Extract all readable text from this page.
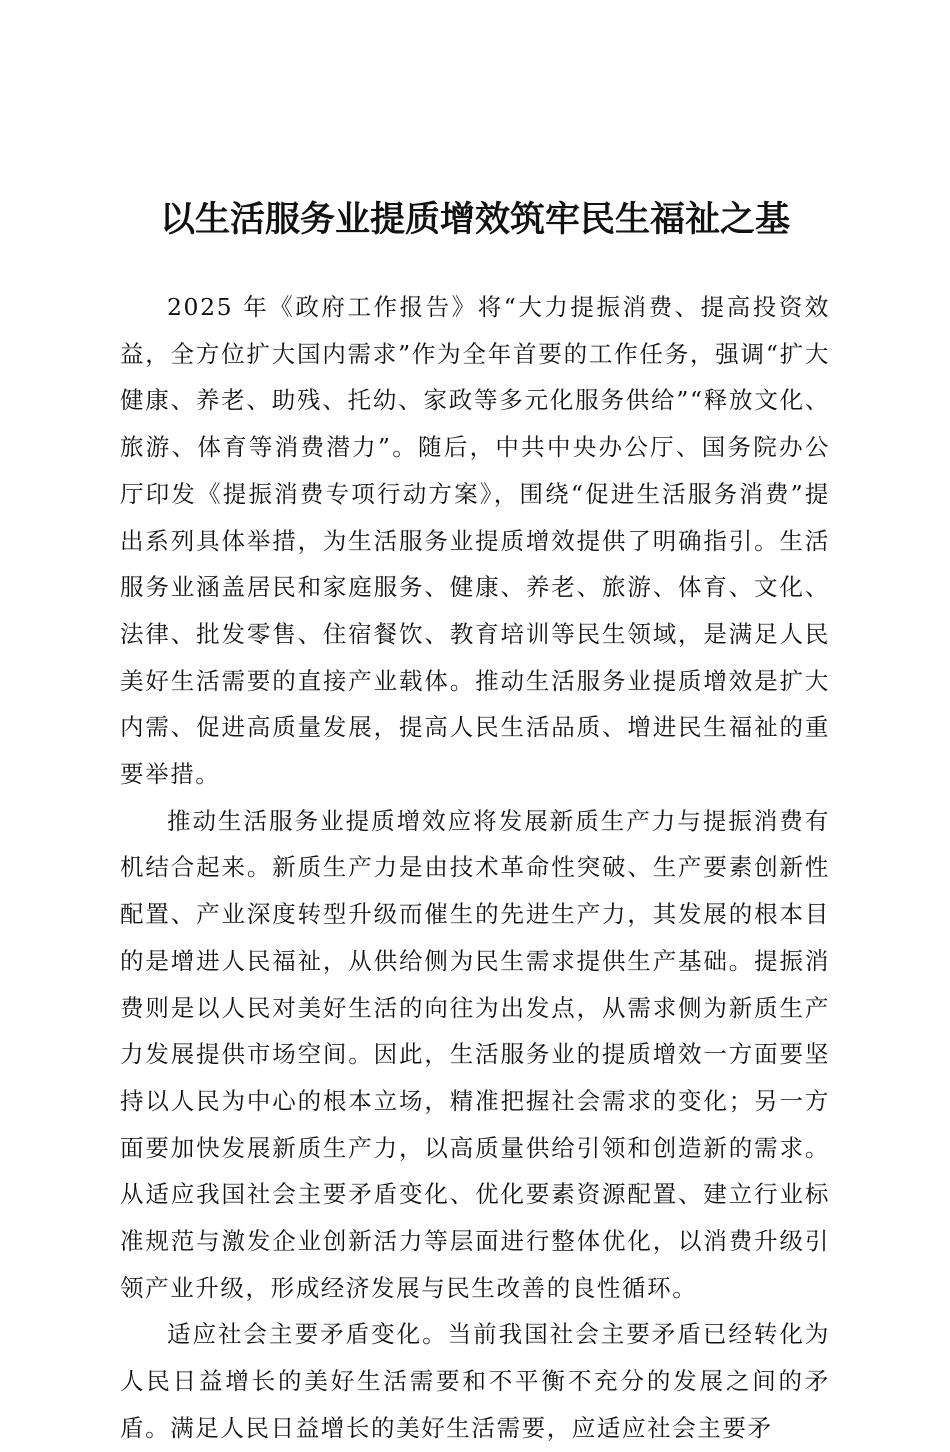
以生活服务业提质增效筑牢民生福祉之基

2025 年《政府工作报告》将“大力提振消费、提高投资效益，全方位扩大国内需求”作为全年首要的工作任务，强调“扩大健康、养老、助残、托幼、家政等多元化服务供给”“释放文化、旅游、体育等消费潜力”。随后，中共中央办公厅、国务院办公厅印发《提振消费专项行动方案》，围绕“促进生活服务消费”提出系列具体举措，为生活服务业提质增效提供了明确指引。生活服务业涵盖居民和家庭服务、健康、养老、旅游、体育、文化、法律、批发零售、住宿餐饮、教育培训等民生领域，是满足人民美好生活需要的直接产业载体。推动生活服务业提质增效是扩大内需、促进高质量发展，提高人民生活品质、增进民生福祉的重要举措。

推动生活服务业提质增效应将发展新质生产力与提振消费有机结合起来。新质生产力是由技术革命性突破、生产要素创新性配置、产业深度转型升级而催生的先进生产力，其发展的根本目的是增进人民福祉，从供给侧为民生需求提供生产基础。提振消费则是以人民对美好生活的向往为出发点，从需求侧为新质生产力发展提供市场空间。因此，生活服务业的提质增效一方面要坚持以人民为中心的根本立场，精准把握社会需求的变化；另一方面要加快发展新质生产力，以高质量供给引领和创造新的需求。从适应我国社会主要矛盾变化、优化要素资源配置、建立行业标准规范与激发企业创新活力等层面进行整体优化，以消费升级引领产业升级，形成经济发展与民生改善的良性循环。

适应社会主要矛盾变化。当前我国社会主要矛盾已经转化为人民日益增长的美好生活需要和不平衡不充分的发展之间的矛盾。满足人民日益增长的美好生活需要，应适应社会主要矛
